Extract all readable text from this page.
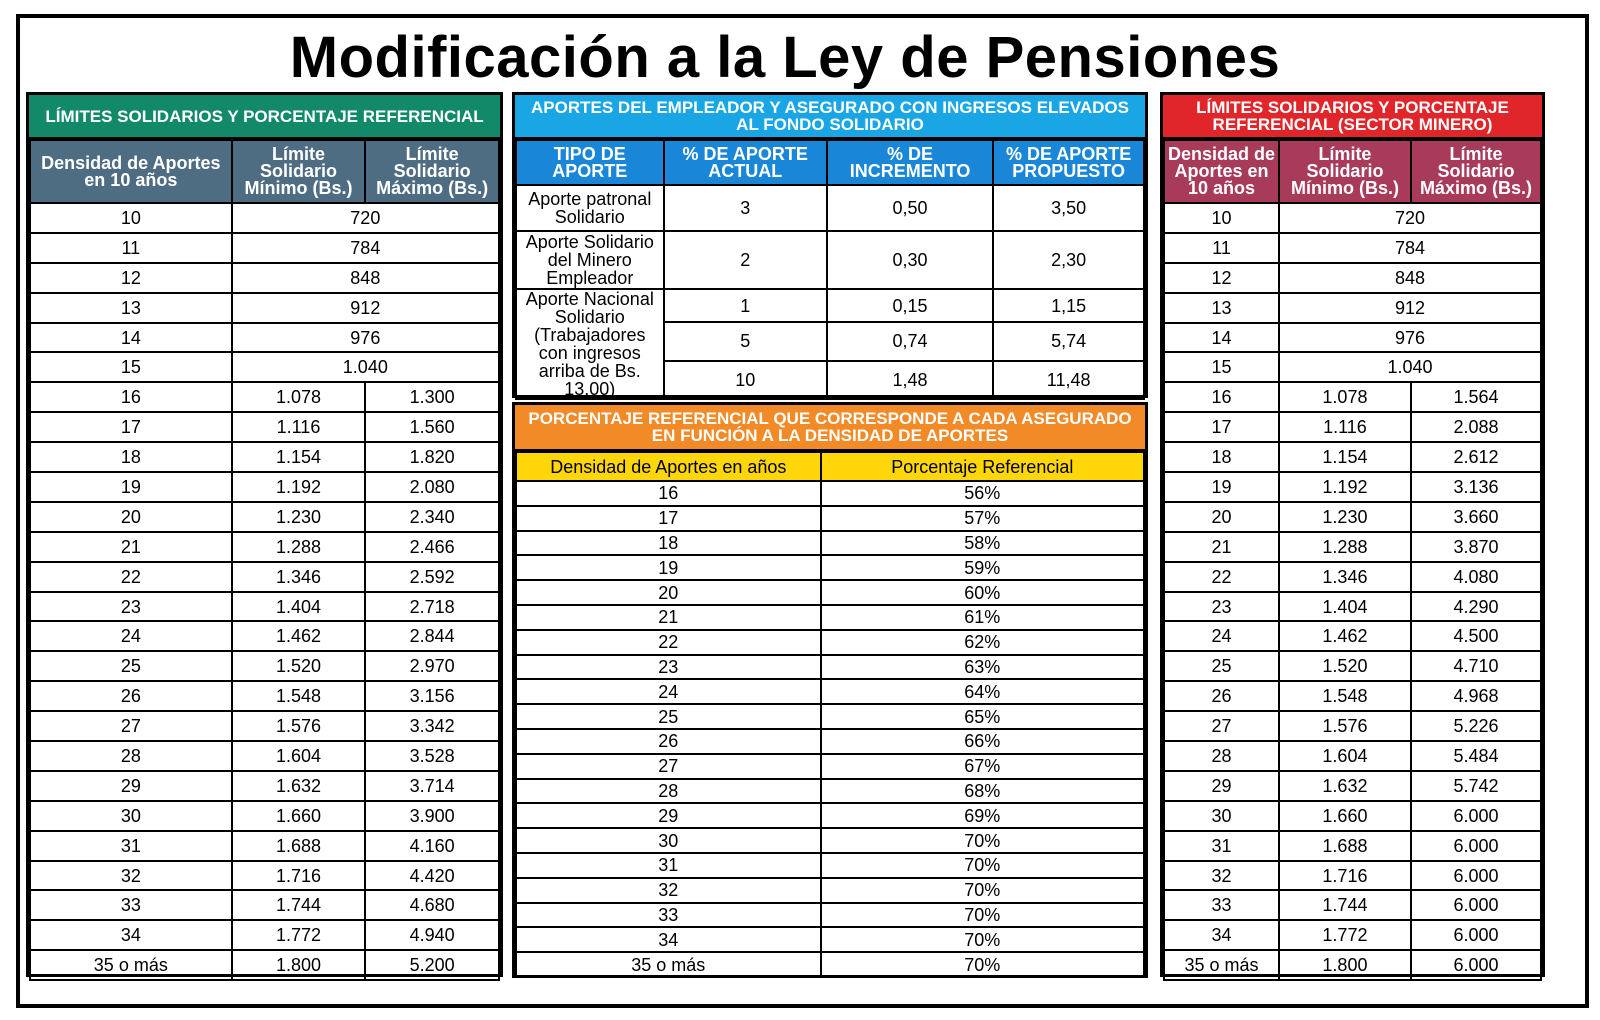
Modificación a la Ley de Pensiones
LÍMITES SOLIDARIOS Y PORCENTAJE REFERENCIAL
Densidad de Aportes en 10 años	Límite Solidario Mínimo (Bs.)	Límite Solidario Máximo (Bs.)
10	720	
11	784	
12	848	
13	912	
14	976	
15	1.040	
16	1.078	1.300
17	1.116	1.560
18	1.154	1.820
19	1.192	2.080
20	1.230	2.340
21	1.288	2.466
22	1.346	2.592
23	1.404	2.718
24	1.462	2.844
25	1.520	2.970
26	1.548	3.156
27	1.576	3.342
28	1.604	3.528
29	1.632	3.714
30	1.660	3.900
31	1.688	4.160
32	1.716	4.420
33	1.744	4.680
34	1.772	4.940
35 o más	1.800	5.200
APORTES DEL EMPLEADOR Y ASEGURADO CON INGRESOS ELEVADOS AL FONDO SOLIDARIO
TIPO DE APORTE	% DE APORTE ACTUAL	% DE INCREMENTO	% DE APORTE PROPUESTO
Aporte patronal Solidario	3	0,50	3,50
Aporte Solidario del Minero Empleador	2	0,30	2,30
Aporte Nacional Solidario (Trabajadores con ingresos arriba de Bs. 13.00)	1	0,15	1,15
	5	0,74	5,74
	10	1,48	11,48
PORCENTAJE REFERENCIAL QUE CORRESPONDE A CADA ASEGURADO EN FUNCIÓN A LA DENSIDAD DE APORTES
Densidad de Aportes en años	Porcentaje Referencial
16	56%
17	57%
18	58%
19	59%
20	60%
21	61%
22	62%
23	63%
24	64%
25	65%
26	66%
27	67%
28	68%
29	69%
30	70%
31	70%
32	70%
33	70%
34	70%
35 o más	70%
LÍMITES SOLIDARIOS Y PORCENTAJE REFERENCIAL (SECTOR MINERO)
Densidad de Aportes en 10 años	Límite Solidario Mínimo (Bs.)	Límite Solidario Máximo (Bs.)
10	720	
11	784	
12	848	
13	912	
14	976	
15	1.040	
16	1.078	1.564
17	1.116	2.088
18	1.154	2.612
19	1.192	3.136
20	1.230	3.660
21	1.288	3.870
22	1.346	4.080
23	1.404	4.290
24	1.462	4.500
25	1.520	4.710
26	1.548	4.968
27	1.576	5.226
28	1.604	5.484
29	1.632	5.742
30	1.660	6.000
31	1.688	6.000
32	1.716	6.000
33	1.744	6.000
34	1.772	6.000
35 o más	1.800	6.000
